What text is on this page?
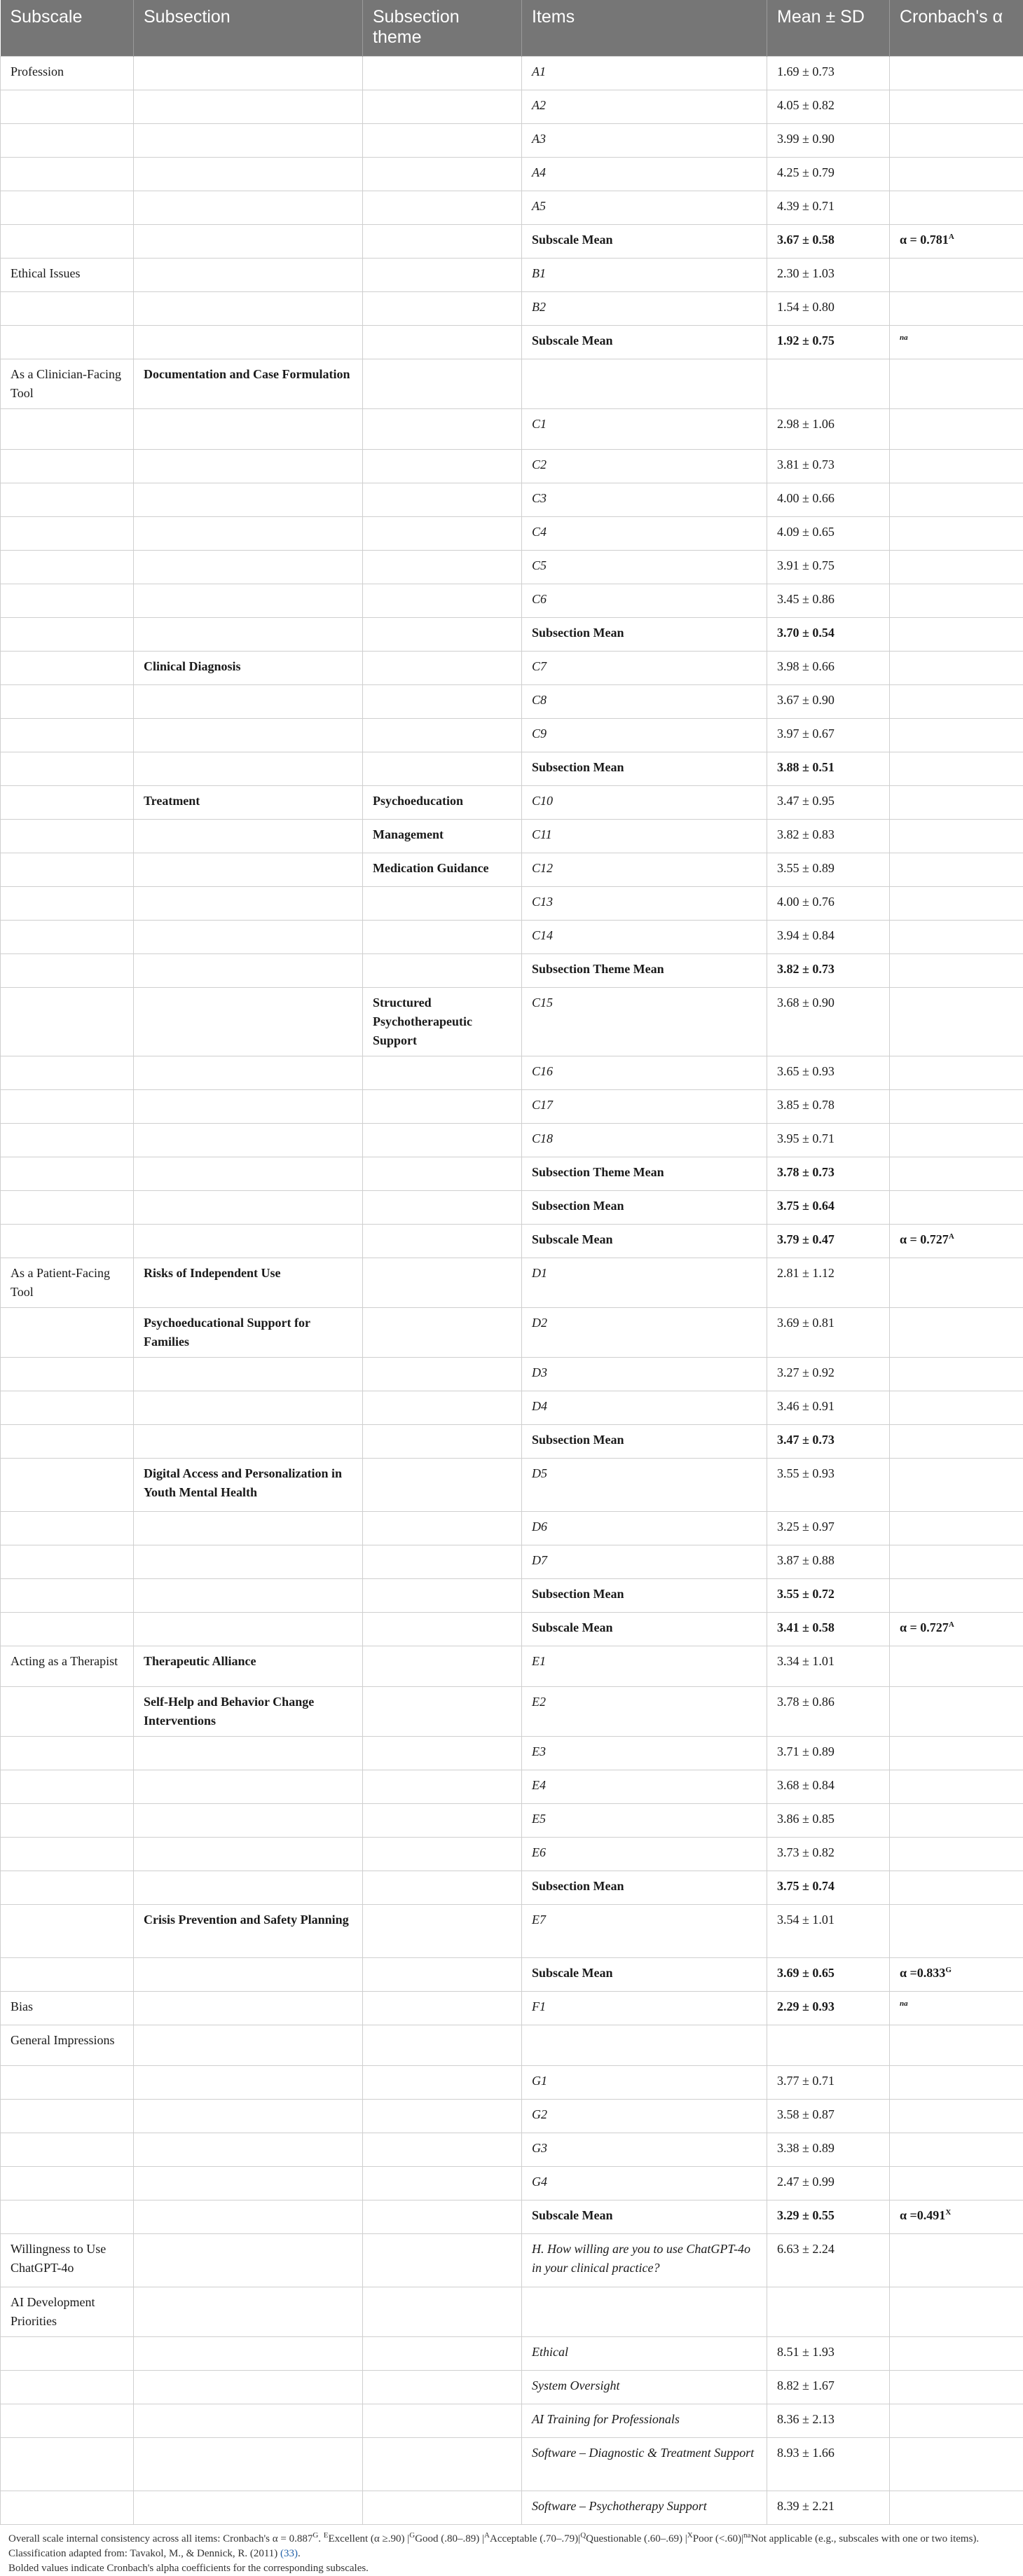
Subscale	Subsection	Subsection theme	Items	Mean ± SD	Cronbach's α
Profession			A1	1.69 ± 0.73	
			A2	4.05 ± 0.82	
			A3	3.99 ± 0.90	
			A4	4.25 ± 0.79	
			A5	4.39 ± 0.71	
			Subscale Mean	3.67 ± 0.58	$\alpha = 0.781^A$
Ethical Issues			B1	2.30 ± 1.03	
			B2	1.54 ± 0.80	
			Subscale Mean	1.92 ± 0.75	$^{na}$
As a Clinician-Facing Tool	Documentation and Case Formulation				
			C1	2.98 ± 1.06	
			C2	3.81 ± 0.73	
			C3	4.00 ± 0.66	
			C4	4.09 ± 0.65	
			C5	3.91 ± 0.75	
			C6	3.45 ± 0.86	
			Subsection Mean	3.70 ± 0.54	
	Clinical Diagnosis		C7	3.98 ± 0.66	
			C8	3.67 ± 0.90	
			C9	3.97 ± 0.67	
			Subsection Mean	3.88 ± 0.51	
	Treatment	Psychoeducation	C10	3.47 ± 0.95	
		Management	C11	3.82 ± 0.83	
		Medication Guidance	C12	3.55 ± 0.89	
			C13	4.00 ± 0.76	
			C14	3.94 ± 0.84	
			Subsection Theme Mean	3.82 ± 0.73	
		Structured Psychotherapeutic Support	C15	3.68 ± 0.90	
			C16	3.65 ± 0.93	
			C17	3.85 ± 0.78	
			C18	3.95 ± 0.71	
			Subsection Theme Mean	3.78 ± 0.73	
			Subsection Mean	3.75 ± 0.64	
			Subscale Mean	3.79 ± 0.47	$\alpha = 0.727^A$
As a Patient-Facing Tool	Risks of Independent Use		D1	2.81 ± 1.12	
	Psychoeducational Support for Families		D2	3.69 ± 0.81	
			D3	3.27 ± 0.92	
			D4	3.46 ± 0.91	
			Subsection Mean	3.47 ± 0.73	
	Digital Access and Personalization in Youth Mental Health		D5	3.55 ± 0.93	
			D6	3.25 ± 0.97	
			D7	3.87 ± 0.88	
			Subsection Mean	3.55 ± 0.72	
			Subscale Mean	3.41 ± 0.58	$\alpha = 0.727^A$
Acting as a Therapist	Therapeutic Alliance		E1	3.34 ± 1.01	
	Self-Help and Behavior Change Interventions		E2	3.78 ± 0.86	
			E3	3.71 ± 0.89	
			E4	3.68 ± 0.84	
			E5	3.86 ± 0.85	
			E6	3.73 ± 0.82	
			Subsection Mean	3.75 ± 0.74	
	Crisis Prevention and Safety Planning		E7	3.54 ± 1.01	
			Subscale Mean	3.69 ± 0.65	$\alpha =0.833^G$
Bias			F1	2.29 ± 0.93	$^{na}$
General Impressions					
			G1	3.77 ± 0.71	
			G2	3.58 ± 0.87	
			G3	3.38 ± 0.89	
			G4	2.47 ± 0.99	
			Subscale Mean	3.29 ± 0.55	$\alpha =0.491^X$
Willingness to Use ChatGPT-4o			H. How willing are you to use ChatGPT-4o in your clinical practice?	6.63 ± 2.24	
AI Development Priorities					
			Ethical	8.51 ± 1.93	
			System Oversight	8.82 ± 1.67	
			AI Training for Professionals	8.36 ± 2.13	
			Software – Diagnostic & Treatment Support	8.93 ± 1.66	
			Software – Psychotherapy Support	8.39 ± 2.21	

Overall scale internal consistency across all items: Cronbach's $\alpha = 0.887^G$. $^E$Excellent (α ≥.90) $|^GGood$ (.80–.89) $|^AAcceptable$ $(.70-.79)|^QQuestionable$ (.60–.69) $|^XPoor$ $(<.60)|^{na}Not$ applicable (e.g., subscales with one or two items). Classification adapted from: Tavakol, M., & Dennick, R. (2011) (33).

Bolded values indicate Cronbach's alpha coefficients for the corresponding subscales.
